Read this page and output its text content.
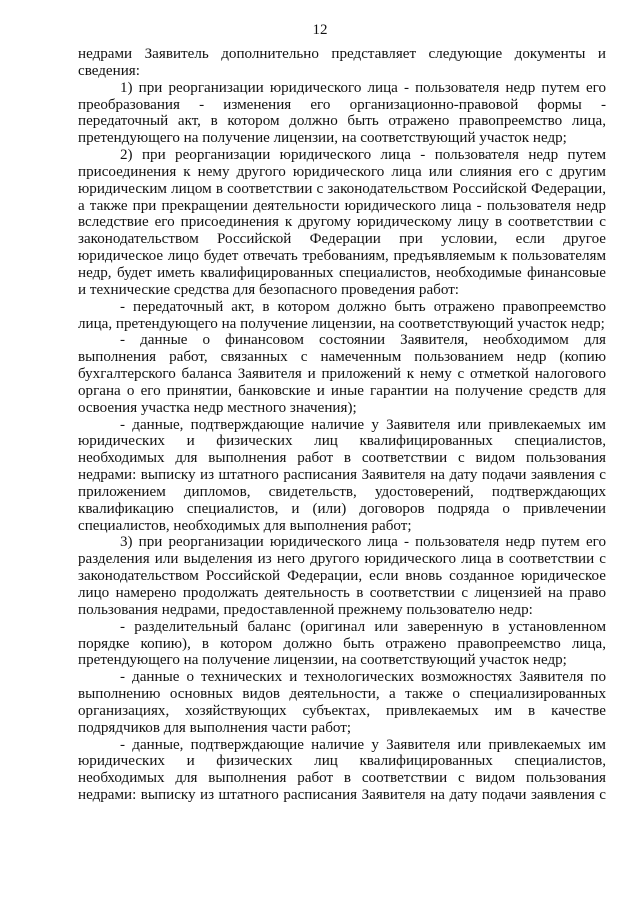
12

недрами Заявитель дополнительно представляет следующие документы и сведения:

1) при реорганизации юридического лица - пользователя недр путем его преобразования - изменения его организационно-правовой формы - передаточный акт, в котором должно быть отражено правопреемство лица, претендующего на получение лицензии, на соответствующий участок недр;

2) при реорганизации юридического лица - пользователя недр путем присоединения к нему другого юридического лица или слияния его с другим юридическим лицом в соответствии с законодательством Российской Федерации, а также при прекращении деятельности юридического лица - пользователя недр вследствие его присоединения к другому юридическому лицу в соответствии с законодательством Российской Федерации при условии, если другое юридическое лицо будет отвечать требованиям, предъявляемым к пользователям недр, будет иметь квалифицированных специалистов, необходимые финансовые и технические средства для безопасного проведения работ:

- передаточный акт, в котором должно быть отражено правопреемство лица, претендующего на получение лицензии, на соответствующий участок недр;

- данные о финансовом состоянии Заявителя, необходимом для выполнения работ, связанных с намеченным пользованием недр (копию бухгалтерского баланса Заявителя и приложений к нему с отметкой налогового органа о его принятии, банковские и иные гарантии на получение средств для освоения участка недр местного значения);

- данные, подтверждающие наличие у Заявителя или привлекаемых им юридических и физических лиц квалифицированных специалистов, необходимых для выполнения работ в соответствии с видом пользования недрами: выписку из штатного расписания Заявителя на дату подачи заявления с приложением дипломов, свидетельств, удостоверений, подтверждающих квалификацию специалистов, и (или) договоров подряда о привлечении специалистов, необходимых для выполнения работ;

3) при реорганизации юридического лица - пользователя недр путем его разделения или выделения из него другого юридического лица в соответствии с законодательством Российской Федерации, если вновь созданное юридическое лицо намерено продолжать деятельность в соответствии с лицензией на право пользования недрами, предоставленной прежнему пользователю недр:

- разделительный баланс (оригинал или заверенную в установленном порядке копию), в котором должно быть отражено правопреемство лица, претендующего на получение лицензии, на соответствующий участок недр;

- данные о технических и технологических возможностях Заявителя по выполнению основных видов деятельности, а также о специализированных организациях, хозяйствующих субъектах, привлекаемых им в качестве подрядчиков для выполнения части работ;

- данные, подтверждающие наличие у Заявителя или привлекаемых им юридических и физических лиц квалифицированных специалистов, необходимых для выполнения работ в соответствии с видом пользования недрами: выписку из штатного расписания Заявителя на дату подачи заявления с
